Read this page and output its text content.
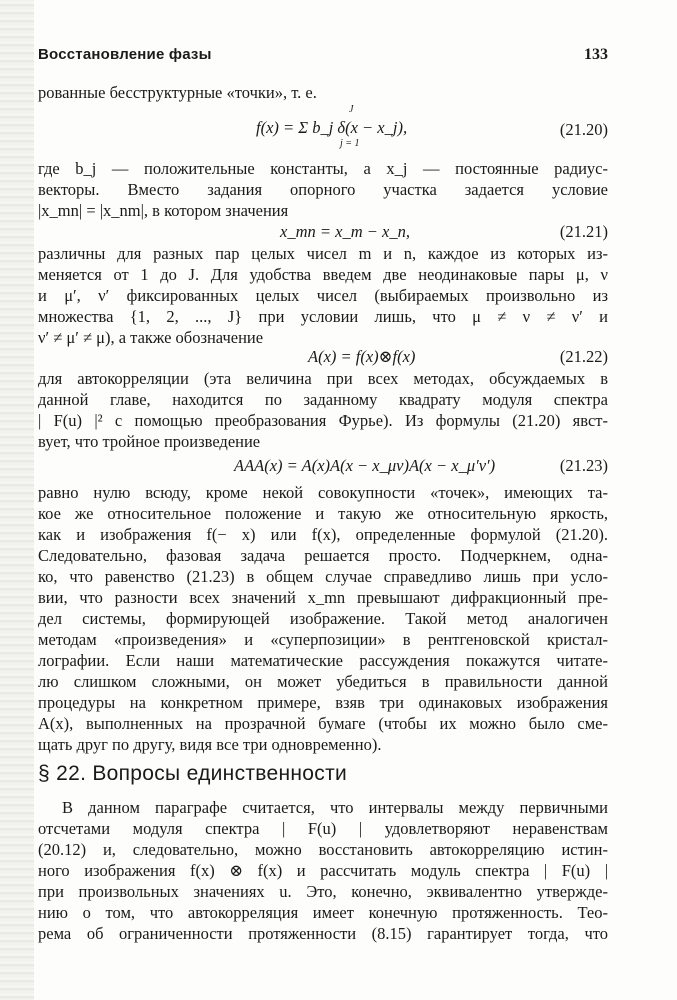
Восстановление фазы	133
рованные бесструктурные «точки», т. е.
J
f(x) = Σ b_j δ(x − x_j),
j = 1
(21.20)
где b_j — положительные константы, а x_j — постоянные радиус-
векторы. Вместо задания опорного участка задается условие
|x_mn| = |x_nm|, в котором значения
x_mn = x_m − x_n,	(21.21)
различны для разных пар целых чисел m и n, каждое из которых из-
меняется от 1 до J. Для удобства введем две неодинаковые пары μ, ν
и μ′, ν′ фиксированных целых чисел (выбираемых произвольно из
множества {1, 2, ..., J} при условии лишь, что μ ≠ ν ≠ ν′ и
ν′ ≠ μ′ ≠ μ), а также обозначение
A(x) = f(x)⊗f(x)	(21.22)
для автокорреляции (эта величина при всех методах, обсуждаемых в
данной главе, находится по заданному квадрату модуля спектра
| F(u) |² с помощью преобразования Фурье). Из формулы (21.20) явст-
вует, что тройное произведение
AAA(x) = A(x)A(x − x_μν)A(x − x_μ′ν′)	(21.23)
равно нулю всюду, кроме некой совокупности «точек», имеющих та-
кое же относительное положение и такую же относительную яркость,
как и изображения f(− x) или f(x), определенные формулой (21.20).
Следовательно, фазовая задача решается просто. Подчеркнем, одна-
ко, что равенство (21.23) в общем случае справедливо лишь при усло-
вии, что разности всех значений x_mn превышают дифракционный пре-
дел системы, формирующей изображение. Такой метод аналогичен
методам «произведения» и «суперпозиции» в рентгеновской кристал-
лографии. Если наши математические рассуждения покажутся читате-
лю слишком сложными, он может убедиться в правильности данной
процедуры на конкретном примере, взяв три одинаковых изображения
A(x), выполненных на прозрачной бумаге (чтобы их можно было сме-
щать друг по другу, видя все три одновременно).
§ 22. Вопросы единственности
В данном параграфе считается, что интервалы между первичными
отсчетами модуля спектра | F(u) | удовлетворяют неравенствам
(20.12) и, следовательно, можно восстановить автокорреляцию истин-
ного изображения f(x) ⊗ f(x) и рассчитать модуль спектра | F(u) |
при произвольных значениях u. Это, конечно, эквивалентно утвержде-
нию о том, что автокорреляция имеет конечную протяженность. Тео-
рема об ограниченности протяженности (8.15) гарантирует тогда, что
